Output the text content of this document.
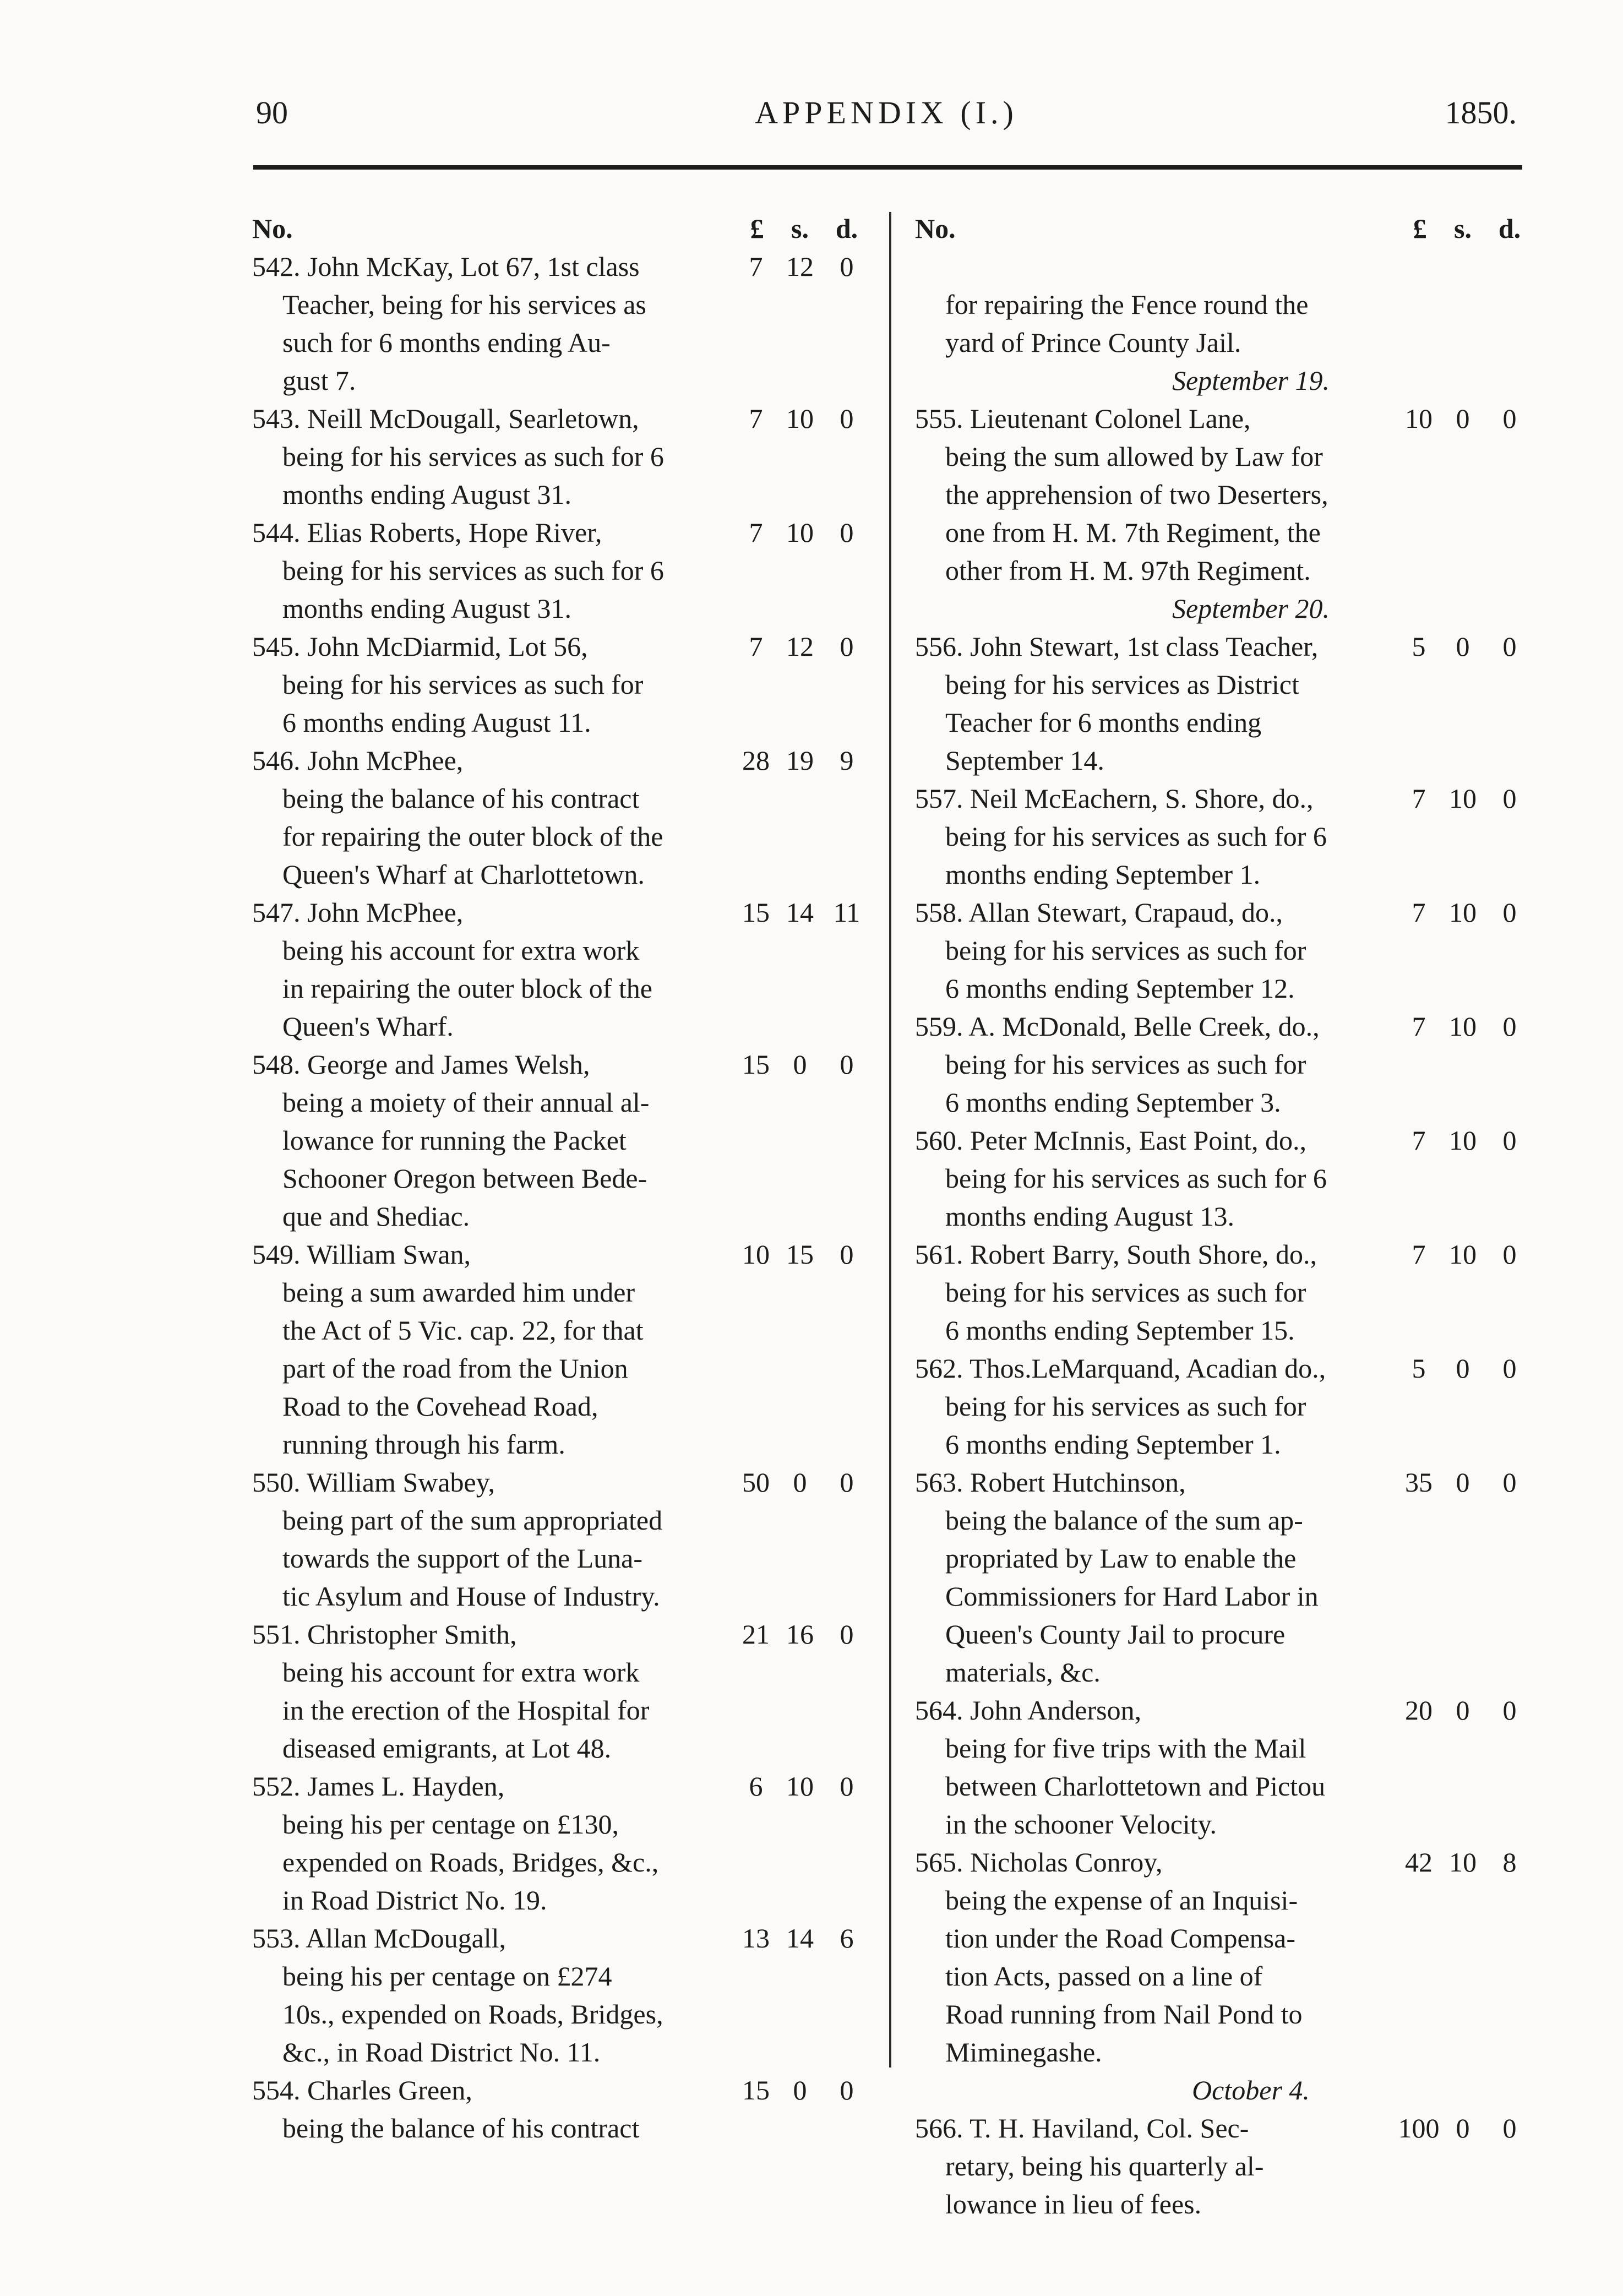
90	APPENDIX (I.)	1850.
No.	£ s. d.
542. John McKay, Lot 67, 1st class	7 12 0
Teacher, being for his services as
such for 6 months ending Au-
gust 7.
543. Neill McDougall, Searletown,	7 10 0
being for his services as such for 6
months ending August 31.
544. Elias Roberts, Hope River,	7 10 0
being for his services as such for 6
months ending August 31.
545. John McDiarmid, Lot 56,	7 12 0
being for his services as such for
6 months ending August 11.
546. John McPhee,	28 19 9
being the balance of his contract
for repairing the outer block of the
Queen's Wharf at Charlottetown.
547. John McPhee,	15 14 11
being his account for extra work
in repairing the outer block of the
Queen's Wharf.
548. George and James Welsh,	15 0	0
being a moiety of their annual al-
lowance for running the Packet
Schooner Oregon between Bede-
que and Shediac.
549. William Swan,	10 15 0
being a sum awarded him under
the Act of 5 Vic. cap. 22, for that
part of the road from the Union
Road to the Covehead Road,
running through his farm.
550. William Swabey,	50 0	0
being part of the sum appropriated
towards the support of the Luna-
tic Asylum and House of Industry.
551. Christopher Smith,	21 16 0
being his account for extra work
in the erection of the Hospital for
diseased emigrants, at Lot 48.
552. James L. Hayden,	6 10 0
being his per centage on £130,
expended on Roads, Bridges, &c.,
in Road District No. 19.
553. Allan McDougall,	13 14 6
being his per centage on £274
10s., expended on Roads, Bridges,
&c., in Road District No. 11.
554. Charles Green,	15 0	0
being the balance of his contract
No.	£ s. d.
for repairing the Fence round the
yard of Prince County Jail.
September 19.
555. Lieutenant Colonel Lane,	10 0	0
being the sum allowed by Law for
the apprehension of two Deserters,
one from H. M. 7th Regiment, the
other from H. M. 97th Regiment.
September 20.
556. John Stewart, 1st class Teacher,	5	0	0
being for his services as District
Teacher for 6 months ending
September 14.
557. Neil McEachern, S. Shore, do.,	7 10 0
being for his services as such for 6
months ending September 1.
558. Allan Stewart, Crapaud, do.,	7 10 0
being for his services as such for
6 months ending September 12.
559. A. McDonald, Belle Creek, do.,	7 10 0
being for his services as such for
6 months ending September 3.
560. Peter McInnis, East Point, do.,	7 10 0
being for his services as such for 6
months ending August 13.
561. Robert Barry, South Shore, do.,	7 10 0
being for his services as such for
6 months ending September 15.
562. Thos.LeMarquand, Acadian do.,	5	0	0
being for his services as such for
6 months ending September 1.
563. Robert Hutchinson,	35 0	0
being the balance of the sum ap-
propriated by Law to enable the
Commissioners for Hard Labor in
Queen's County Jail to procure
materials, &c.
564. John Anderson,	20 0	0
being for five trips with the Mail
between Charlottetown and Pictou
in the schooner Velocity.
565. Nicholas Conroy,	42 10 8
being the expense of an Inquisi-
tion under the Road Compensa-
tion Acts, passed on a line of
Road running from Nail Pond to
Miminegashe.
October 4.
566. T. H. Haviland, Col. Sec-	100 0	0
retary, being his quarterly al-
lowance in lieu of fees.
